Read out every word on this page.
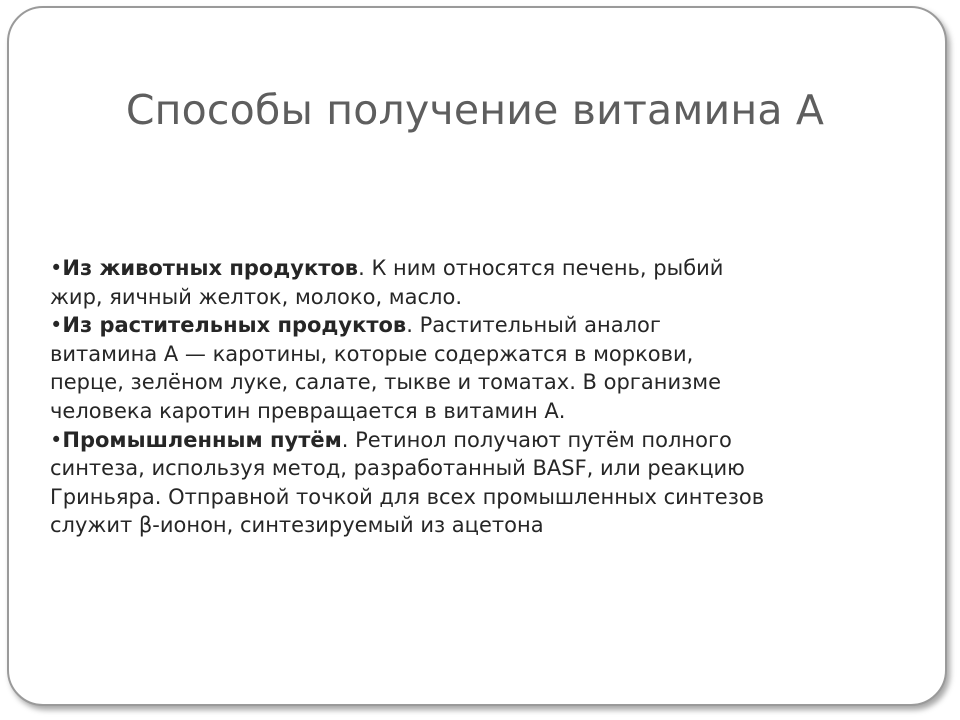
Способы получение витамина А

•Из животных продуктов. К ним относятся печень, рыбий жир, яичный желток, молоко, масло.

•Из растительных продуктов. Растительный аналог витамина А — каротины, которые содержатся в моркови, перце, зелёном луке, салате, тыкве и томатах. В организме человека каротин превращается в витамин А.

•Промышленным путём. Ретинол получают путём полного синтеза, используя метод, разработанный BASF, или реакцию Гриньяра. Отправной точкой для всех промышленных синтезов служит β-ионон, синтезируемый из ацетона
